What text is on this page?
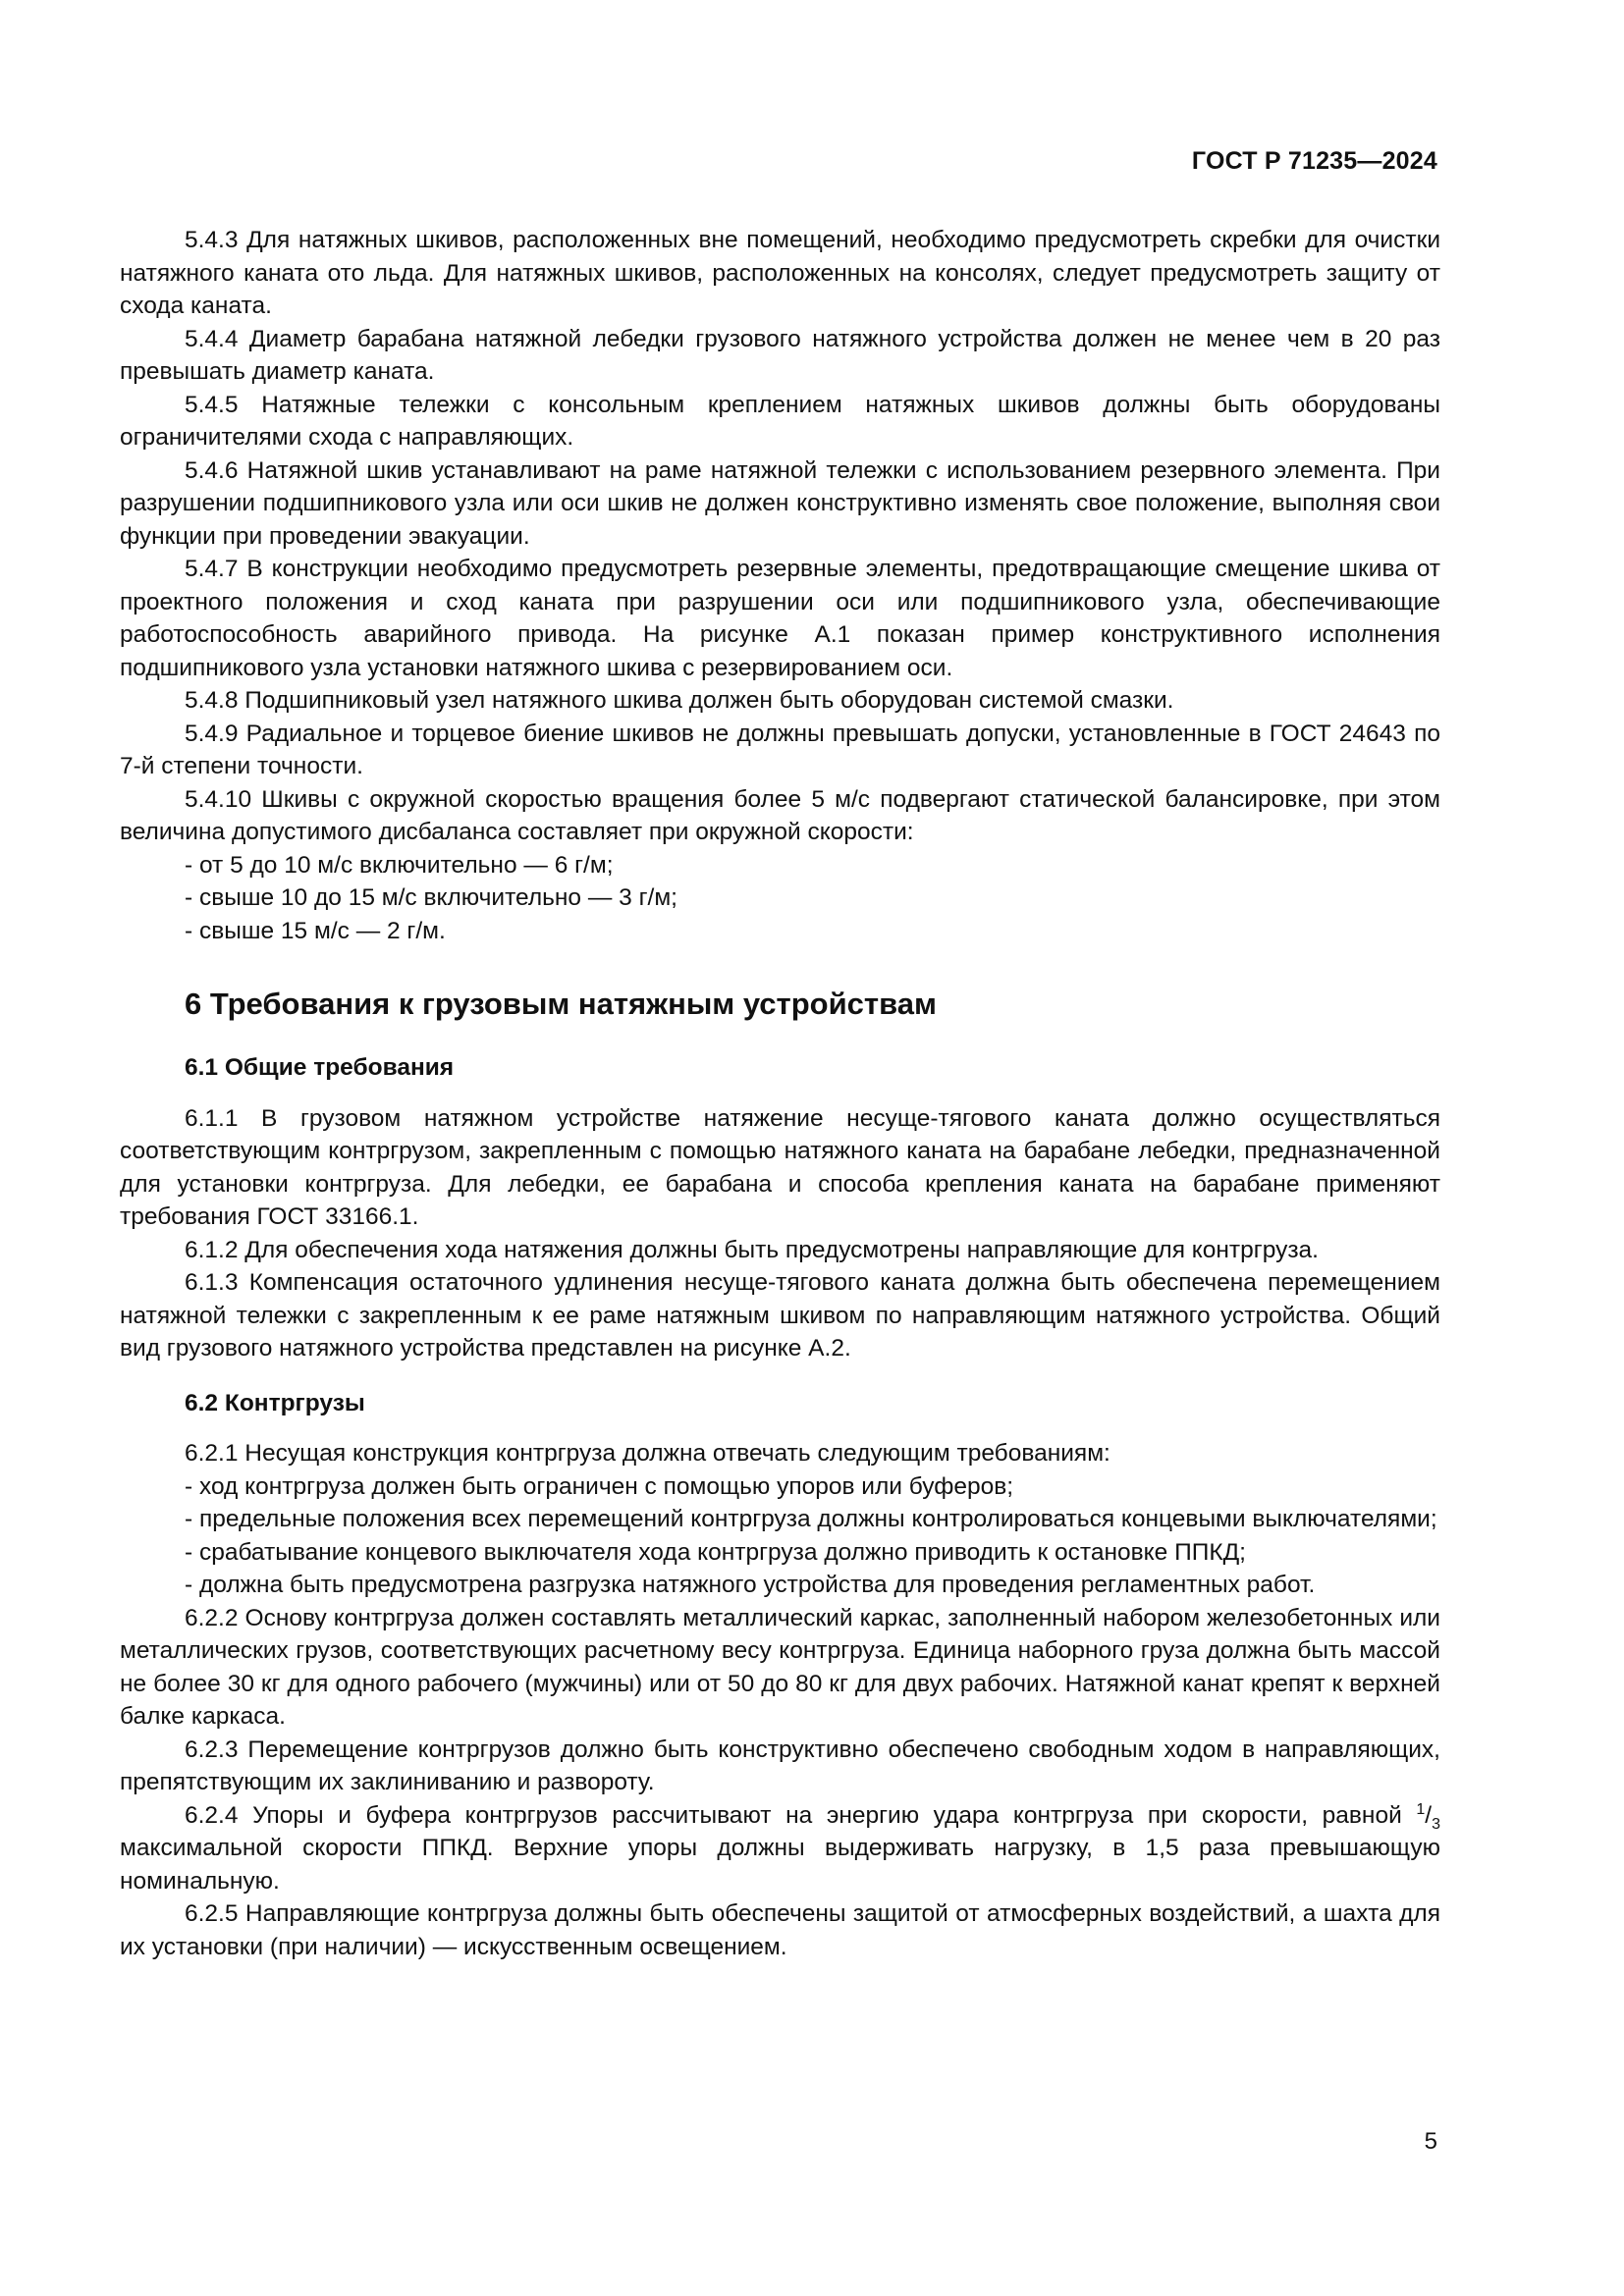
ГОСТ Р 71235—2024

5.4.3 Для натяжных шкивов, расположенных вне помещений, необходимо предусмотреть скребки для очистки натяжного каната ото льда. Для натяжных шкивов, расположенных на консолях, следует предусмотреть защиту от схода каната.

5.4.4 Диаметр барабана натяжной лебедки грузового натяжного устройства должен не менее чем в 20 раз превышать диаметр каната.

5.4.5 Натяжные тележки с консольным креплением натяжных шкивов должны быть оборудованы ограничителями схода с направляющих.

5.4.6 Натяжной шкив устанавливают на раме натяжной тележки с использованием резервного элемента. При разрушении подшипникового узла или оси шкив не должен конструктивно изменять свое положение, выполняя свои функции при проведении эвакуации.

5.4.7 В конструкции необходимо предусмотреть резервные элементы, предотвращающие смещение шкива от проектного положения и сход каната при разрушении оси или подшипникового узла, обеспечивающие работоспособность аварийного привода. На рисунке А.1 показан пример конструктивного исполнения подшипникового узла установки натяжного шкива с резервированием оси.

5.4.8 Подшипниковый узел натяжного шкива должен быть оборудован системой смазки.

5.4.9 Радиальное и торцевое биение шкивов не должны превышать допуски, установленные в ГОСТ 24643 по 7-й степени точности.

5.4.10 Шкивы с окружной скоростью вращения более 5 м/с подвергают статической балансировке, при этом величина допустимого дисбаланса составляет при окружной скорости:

- от 5 до 10 м/с включительно — 6 г/м;

- свыше 10 до 15 м/с включительно — 3 г/м;

- свыше 15 м/с — 2 г/м.

6 Требования к грузовым натяжным устройствам
6.1 Общие требования

6.1.1 В грузовом натяжном устройстве натяжение несуще-тягового каната должно осуществляться соответствующим контргрузом, закрепленным с помощью натяжного каната на барабане лебедки, предназначенной для установки контргруза. Для лебедки, ее барабана и способа крепления каната на барабане применяют требования ГОСТ 33166.1.

6.1.2 Для обеспечения хода натяжения должны быть предусмотрены направляющие для контргруза.

6.1.3 Компенсация остаточного удлинения несуще-тягового каната должна быть обеспечена перемещением натяжной тележки с закрепленным к ее раме натяжным шкивом по направляющим натяжного устройства. Общий вид грузового натяжного устройства представлен на рисунке А.2.

6.2 Контргрузы

6.2.1 Несущая конструкция контргруза должна отвечать следующим требованиям:

- ход контргруза должен быть ограничен с помощью упоров или буферов;

- предельные положения всех перемещений контргруза должны контролироваться концевыми выключателями;

- срабатывание концевого выключателя хода контргруза должно приводить к остановке ППКД;

- должна быть предусмотрена разгрузка натяжного устройства для проведения регламентных работ.

6.2.2 Основу контргруза должен составлять металлический каркас, заполненный набором железобетонных или металлических грузов, соответствующих расчетному весу контргруза. Единица наборного груза должна быть массой не более 30 кг для одного рабочего (мужчины) или от 50 до 80 кг для двух рабочих. Натяжной канат крепят к верхней балке каркаса.

6.2.3 Перемещение контргрузов должно быть конструктивно обеспечено свободным ходом в направляющих, препятствующим их заклиниванию и развороту.

6.2.4 Упоры и буфера контргрузов рассчитывают на энергию удара контргруза при скорости, равной $^1/_3$ максимальной скорости ППКД. Верхние упоры должны выдерживать нагрузку, в 1,5 раза превышающую номинальную.

6.2.5 Направляющие контргруза должны быть обеспечены защитой от атмосферных воздействий, а шахта для их установки (при наличии) — искусственным освещением.

5
